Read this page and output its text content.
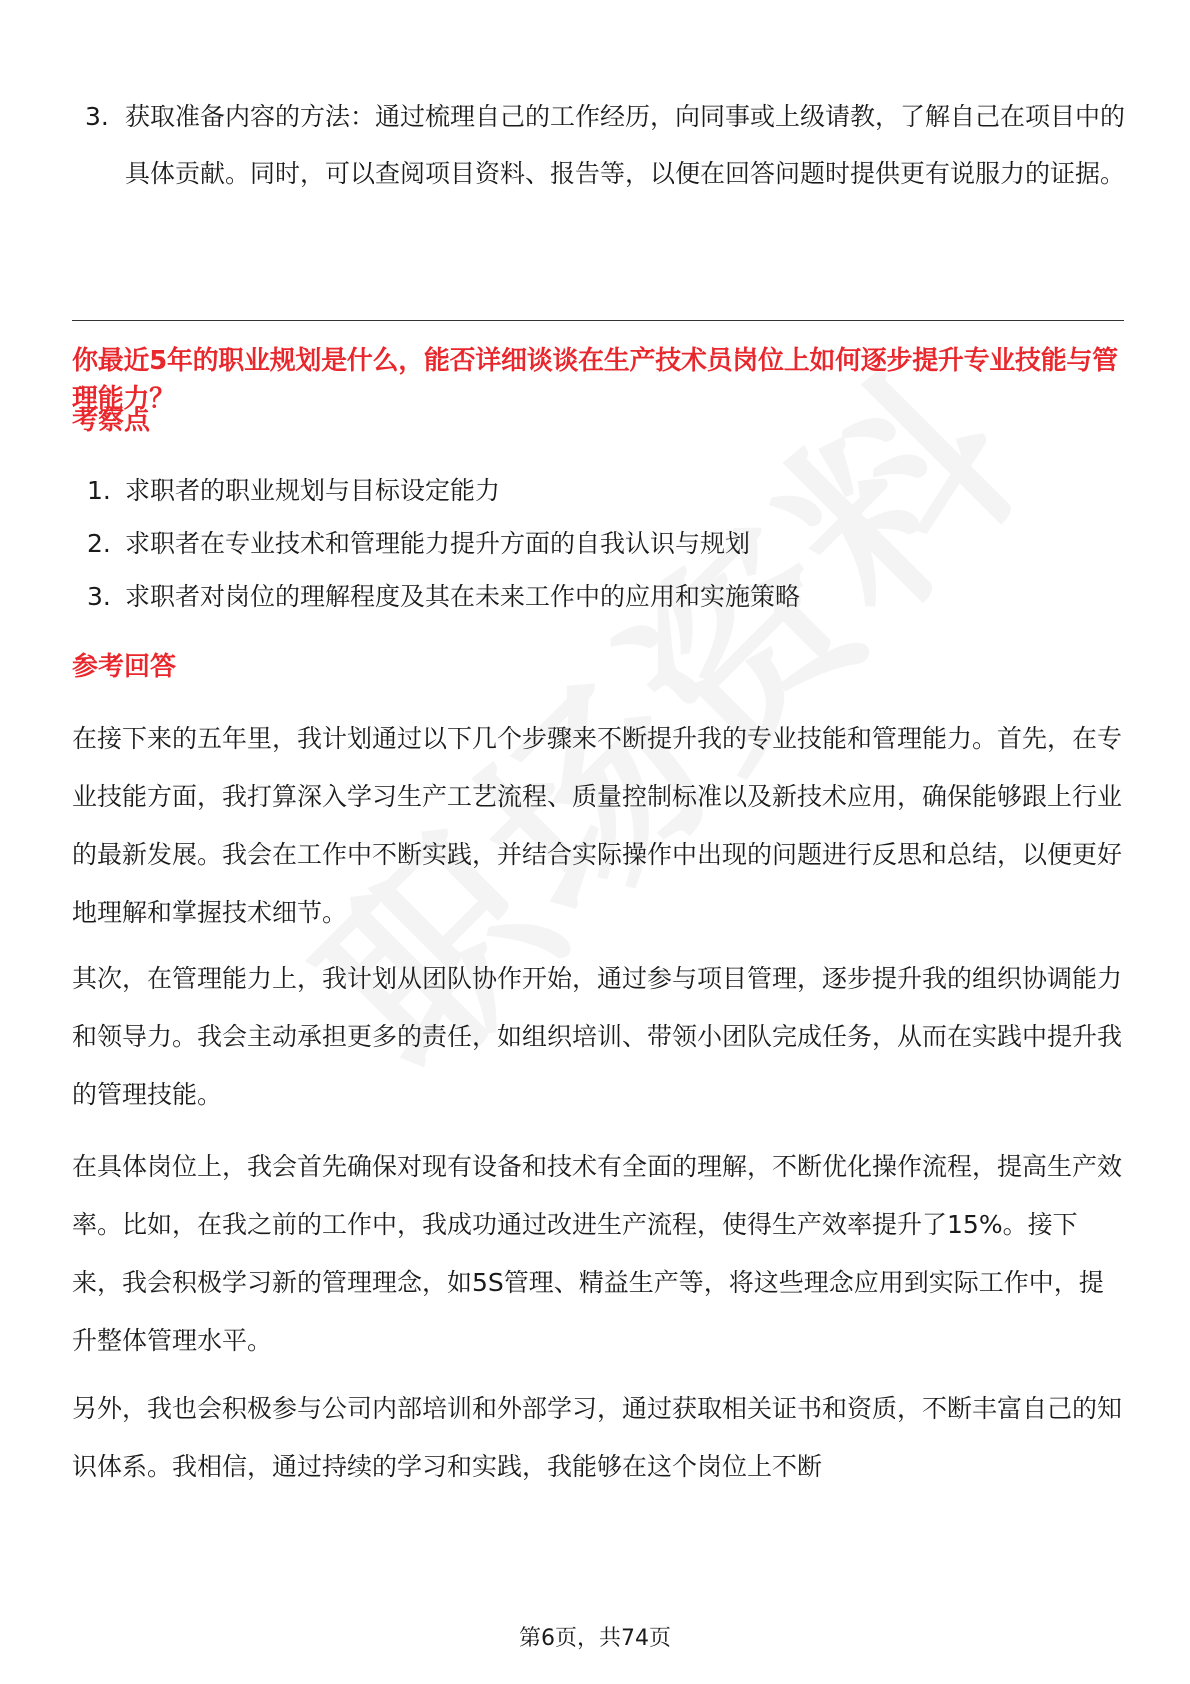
3. 获取准备内容的方法：通过梳理自己的工作经历，向同事或上级请教，了解自己在项目中的具体贡献。同时，可以查阅项目资料、报告等，以便在回答问题时提供更有说服力的证据。
你最近5年的职业规划是什么，能否详细谈谈在生产技术员岗位上如何逐步提升专业技能与管理能力？
考察点
1. 求职者的职业规划与目标设定能力
2. 求职者在专业技术和管理能力提升方面的自我认识与规划
3. 求职者对岗位的理解程度及其在未来工作中的应用和实施策略
参考回答

在接下来的五年里，我计划通过以下几个步骤来不断提升我的专业技能和管理能力。首先，在专业技能方面，我打算深入学习生产工艺流程、质量控制标准以及新技术应用，确保能够跟上行业的最新发展。我会在工作中不断实践，并结合实际操作中出现的问题进行反思和总结，以便更好地理解和掌握技术细节。

其次，在管理能力上，我计划从团队协作开始，通过参与项目管理，逐步提升我的组织协调能力和领导力。我会主动承担更多的责任，如组织培训、带领小团队完成任务，从而在实践中提升我的管理技能。

在具体岗位上，我会首先确保对现有设备和技术有全面的理解，不断优化操作流程，提高生产效率。比如，在我之前的工作中，我成功通过改进生产流程，使得生产效率提升了15%。接下来，我会积极学习新的管理理念，如5S管理、精益生产等，将这些理念应用到实际工作中，提升整体管理水平。

另外，我也会积极参与公司内部培训和外部学习，通过获取相关证书和资质，不断丰富自己的知识体系。我相信，通过持续的学习和实践，我能够在这个岗位上不断

第6页，共74页
